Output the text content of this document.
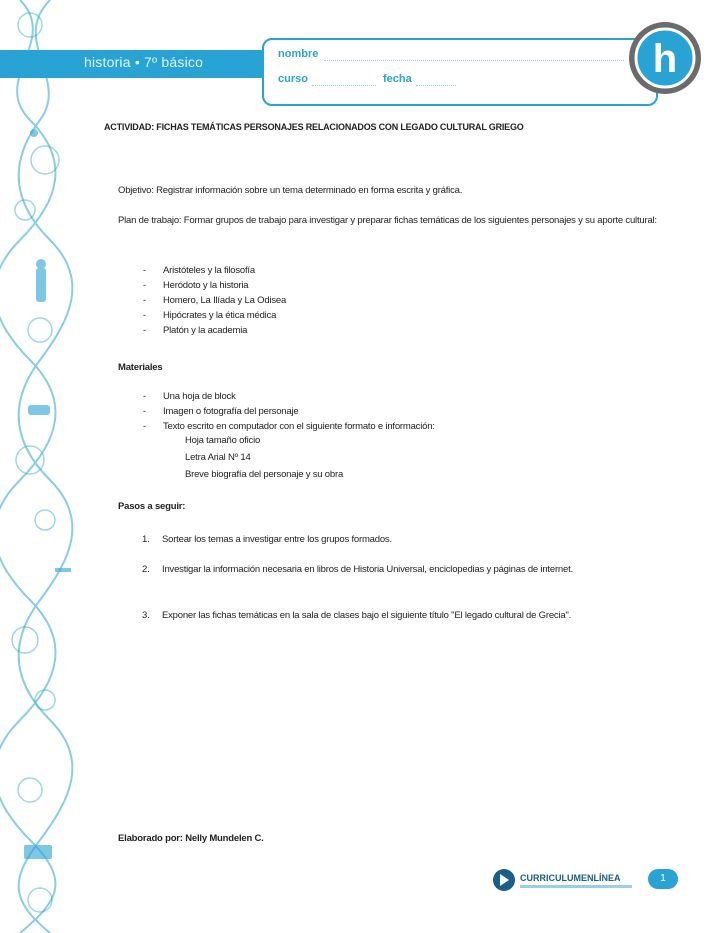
historia • 7º básico	nombre
curso	fecha	h
ACTIVIDAD: FICHAS TEMÁTICAS PERSONAJES RELACIONADOS CON LEGADO CULTURAL GRIEGO
Objetivo: Registrar información sobre un tema determinado en forma escrita y gráfica.
Plan de trabajo: Formar grupos de trabajo para investigar y preparar fichas temáticas de los siguientes personajes y su aporte cultural:
- Aristóteles y la filosofía
- Heródoto y la historia
- Homero, La Ilíada y La Odisea
- Hipócrates y la ética médica
- Platón y la academia
Materiales
- Una hoja de block
- Imagen o fotografía del personaje
- Texto escrito en computador con el siguiente formato e información:
Hoja tamaño oficio
Letra Arial Nº 14
Breve biografía del personaje y su obra
Pasos a seguir:
1. Sortear los temas a investigar entre los grupos formados.
2. Investigar la información necesaria en libros de Historia Universal, enciclopedias y páginas de internet.
3. Exponer las fichas temáticas en la sala de clases bajo el siguiente título "El legado cultural de Grecia".
Elaborado por: Nelly Mundelen C.
CURRICULUMENLÍNEA	1
